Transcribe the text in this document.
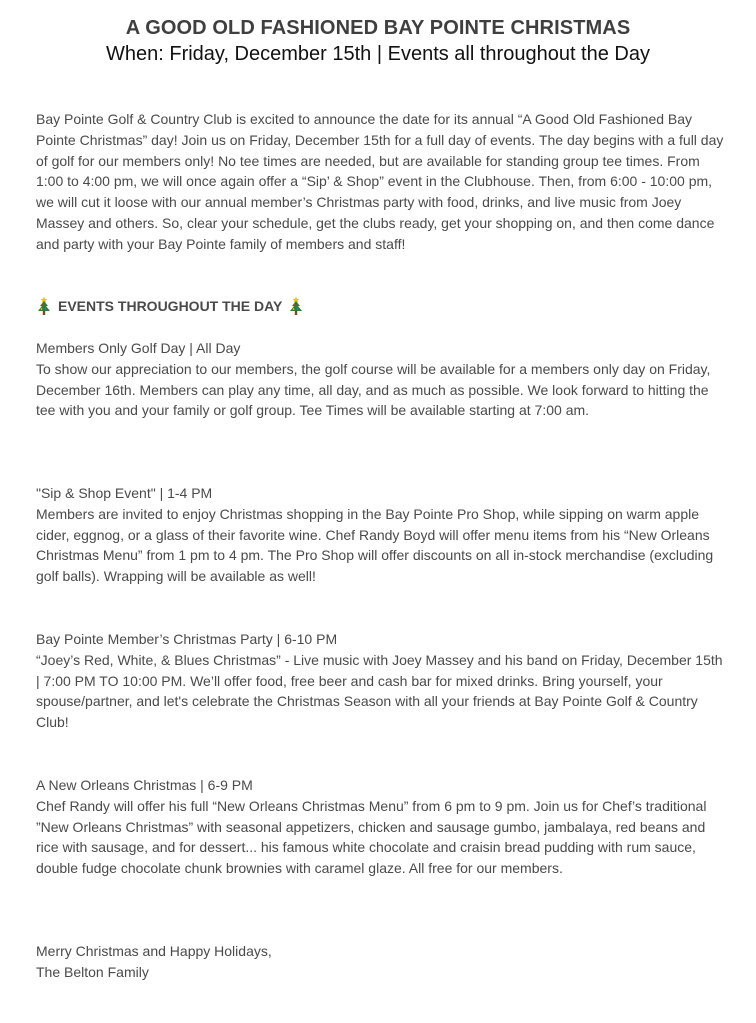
A GOOD OLD FASHIONED BAY POINTE CHRISTMAS

When: Friday, December 15th | Events all throughout the Day

Bay Pointe Golf & Country Club is excited to announce the date for its annual “A Good Old Fashioned Bay Pointe Christmas” day! Join us on Friday, December 15th for a full day of events. The day begins with a full day of golf for our members only! No tee times are needed, but are available for standing group tee times. From 1:00 to 4:00 pm, we will once again offer a “Sip’ & Shop” event in the Clubhouse. Then, from 6:00 - 10:00 pm, we will cut it loose with our annual member’s Christmas party with food, drinks, and live music from Joey Massey and others. So, clear your schedule, get the clubs ready, get your shopping on, and then come dance and party with your Bay Pointe family of members and staff!

EVENTS THROUGHOUT THE DAY

Members Only Golf Day | All Day

To show our appreciation to our members, the golf course will be available for a members only day on Friday, December 16th. Members can play any time, all day, and as much as possible. We look forward to hitting the tee with you and your family or golf group. Tee Times will be available starting at 7:00 am.

"Sip & Shop Event" | 1-4 PM

Members are invited to enjoy Christmas shopping in the Bay Pointe Pro Shop, while sipping on warm apple cider, eggnog, or a glass of their favorite wine. Chef Randy Boyd will offer menu items from his “New Orleans Christmas Menu” from 1 pm to 4 pm. The Pro Shop will offer discounts on all in-stock merchandise (excluding golf balls). Wrapping will be available as well!

Bay Pointe Member’s Christmas Party | 6-10 PM

“Joey’s Red, White, & Blues Christmas” - Live music with Joey Massey and his band on Friday, December 15th | 7:00 PM TO 10:00 PM. We’ll offer food, free beer and cash bar for mixed drinks. Bring yourself, your spouse/partner, and let's celebrate the Christmas Season with all your friends at Bay Pointe Golf & Country Club!

A New Orleans Christmas | 6-9 PM

Chef Randy will offer his full “New Orleans Christmas Menu” from 6 pm to 9 pm. Join us for Chef’s traditional ”New Orleans Christmas” with seasonal appetizers, chicken and sausage gumbo, jambalaya, red beans and rice with sausage, and for dessert... his famous white chocolate and craisin bread pudding with rum sauce, double fudge chocolate chunk brownies with caramel glaze. All free for our members.

Merry Christmas and Happy Holidays,

The Belton Family
